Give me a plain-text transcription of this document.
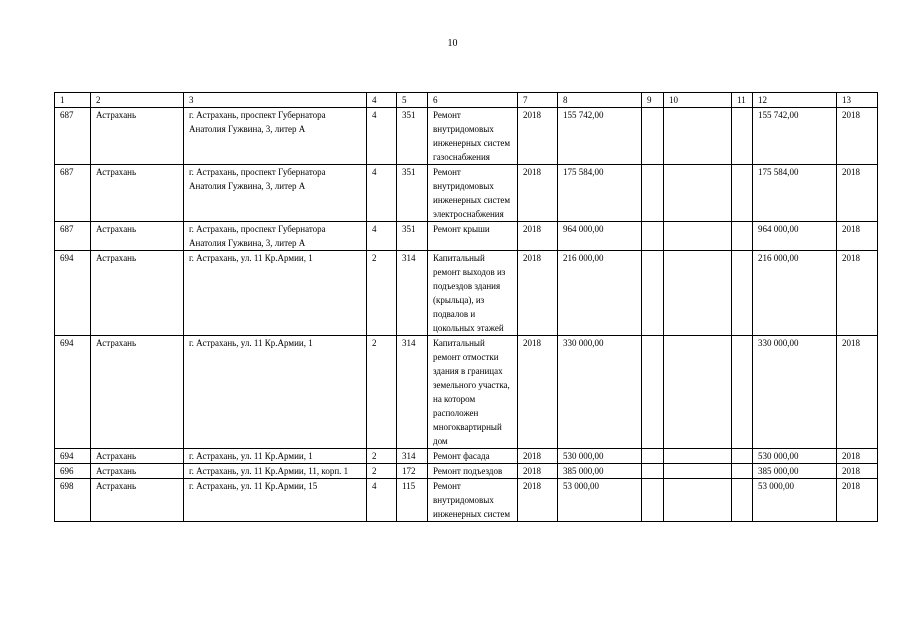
10
1	2	3	4	5	6	7	8	9	10	11	12	13
687	Астрахань	г. Астрахань, проспект Губернатора Анатолия Гужвина, 3, литер А	4	351	Ремонт внутридомовых инженерных систем газоснабжения	2018	155 742,00				155 742,00	2018
687	Астрахань	г. Астрахань, проспект Губернатора Анатолия Гужвина, 3, литер А	4	351	Ремонт внутридомовых инженерных систем электроснабжения	2018	175 584,00				175 584,00	2018
687	Астрахань	г. Астрахань, проспект Губернатора Анатолия Гужвина, 3, литер А	4	351	Ремонт крыши	2018	964 000,00				964 000,00	2018
694	Астрахань	г. Астрахань, ул. 11 Кр.Армии, 1	2	314	Капитальный ремонт выходов из подъездов здания (крыльца), из подвалов и цокольных этажей	2018	216 000,00				216 000,00	2018
694	Астрахань	г. Астрахань, ул. 11 Кр.Армии, 1	2	314	Капитальный ремонт отмостки здания в границах земельного участка, на котором расположен многоквартирный дом	2018	330 000,00				330 000,00	2018
694	Астрахань	г. Астрахань, ул. 11 Кр.Армии, 1	2	314	Ремонт фасада	2018	530 000,00				530 000,00	2018
696	Астрахань	г. Астрахань, ул. 11 Кр.Армии, 11, корп. 1	2	172	Ремонт подъездов	2018	385 000,00				385 000,00	2018
698	Астрахань	г. Астрахань, ул. 11 Кр.Армии, 15	4	115	Ремонт внутридомовых инженерных систем	2018	53 000,00				53 000,00	2018
